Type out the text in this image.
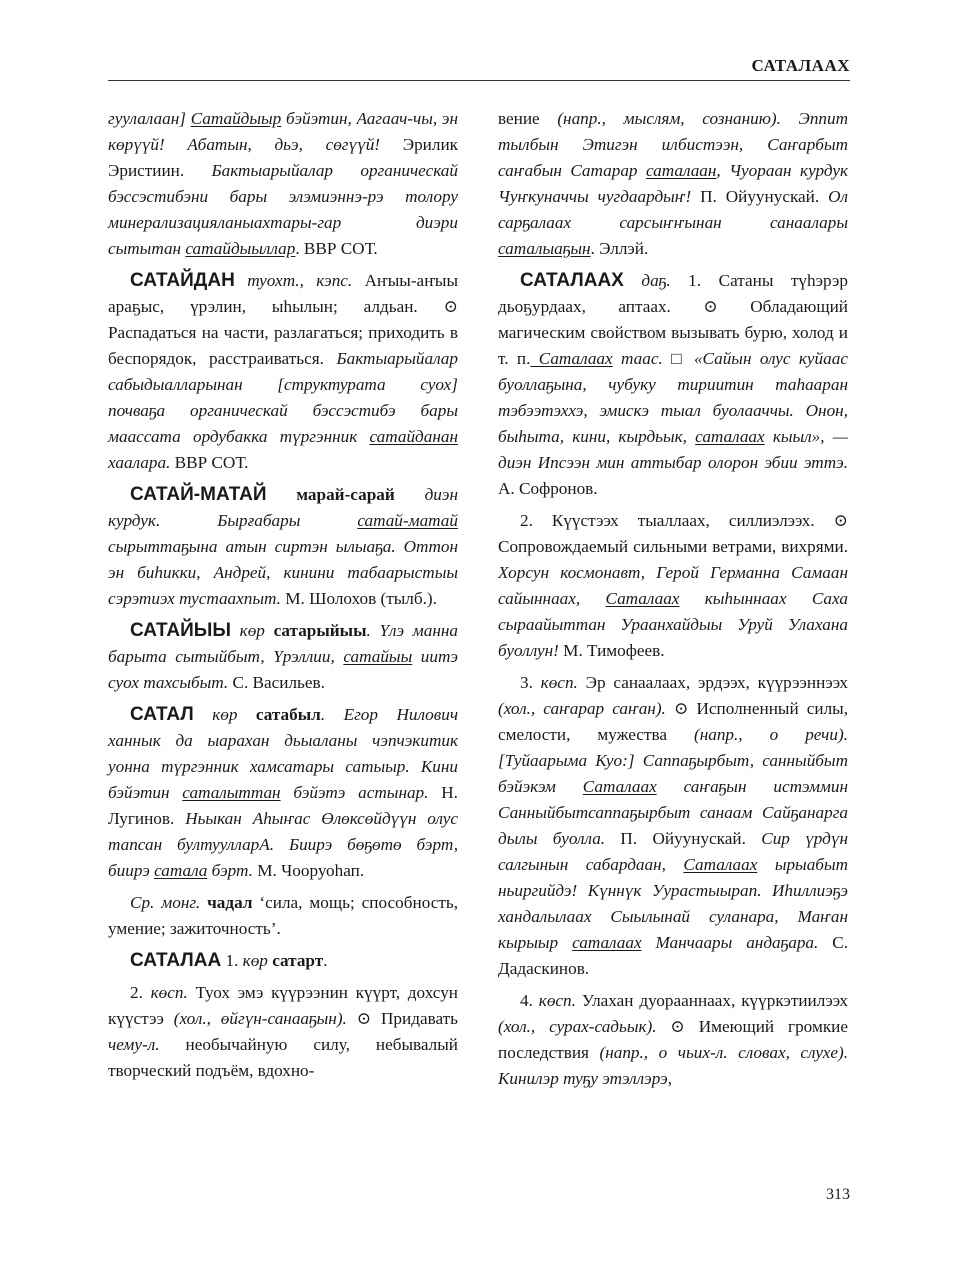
САТАЛААХ

гуулалаан] Сатайдыыр бэйэтин, Аагаач-чы, эн көрүүй! Абатын, дьэ, сөгүүй! Эрилик Эристиин. Бактыарыйалар органическай бэссэстибэни бары элэмиэннэ-рэ толору минерализацияланыахтары-гар диэри сытытан сатайдыыллар. ВВР СОТ.

САТАЙДАН туохт., кэпс. Аҥыы-аҥыы араҕыс, үрэлин, ыһылын; алдьан. ⊙ Распадаться на части, разлагаться; приходить в беспорядок, расстраиваться. Бактыарыйалар сабыдыалларынан [структурата суох] почваҕа органическай бэссэстибэ бары маассата ордубакка түргэнник сатайданан хаалара. ВВР СОТ.

САТАЙ-МАТАЙ марай-сарай диэн курдук. Бырғабары сатай-матай сырыттаҕына атын сиртэн ылыаҕа. Оттон эн биһикки, Андрей, кинини табаарыстыы сэрэтиэх тустаахпыт. М. Шолохов (тылб.).

САТАЙЫЫ көр сатарыйыы. Үлэ манна барыта сытыйбыт, Үрэллии, сатайыы иитэ суох тахсыбыт. С. Васильев.

САТАЛ көр сатабыл. Егор Нилович ханнык да ыарахан дьыаланы чэпчэкитик уонна түргэнник хамсатары сатыыр. Кини бэйэтин саталыттан бэйэтэ астынар. Н. Лугинов. Ньыкан Аһыҥас Өлөксөйдүүн олус тапсан бултуулларА. Биирэ бөҕөтө бэрт, биирэ сатала бэрт. М. Чооруоһап.

Ср. монг. чадал ‘сила, мощь; способность, умение; зажиточность’.

САТАЛАА 1. көр сатарт.

2. көсп. Туох эмэ күүрээнин күүрт, дохсун күүстээ (хол., өйгүн-санааҕын). ⊙ Придавать чему-л. необычайную силу, небывалый творческий подъём, вдохно-

вение (напр., мыслям, сознанию). Эппит тылбын Этигэн илбистээн, Саҥарбыт саҥабын Сатарар саталаан, Чуораан курдук Чуҥкуначчы чугдаардыҥ! П. Ойуунускай. Ол сарҕалаах сарсыҥҥынан санаалары саталыаҕын. Эллэй.

САТАЛААХ даҕ. 1. Сатаны түһэрэр дьоҕурдаах, аптаах. ⊙ Обладающий магическим свойством вызывать бурю, холод и т. п. Саталаах таас. □ «Сайын олус куйаас буоллаҕына, чубуку тириитин таһааран тэбээтэххэ, эмискэ тыал буолааччы. Онон, быһыта, кини, кырдьык, саталаах кыыл», — диэн Ипсээн мин аттыбар олорон эбии эттэ. А. Софронов.

2. Күүстээх тыаллаах, силлиэлээх. ⊙ Сопровождаемый сильными ветрами, вихрями. Хорсун космонавт, Герой Германна Самаан сайыннаах, Саталаах кыһыннаах Саха сыраайыттан Ураанхайдыы Уруй Улахана буоллун! М. Тимофеев.

3. көсп. Эр санаалаах, эрдээх, күүрээннээх (хол., саҥарар саҥан). ⊙ Исполненный силы, смелости, мужества (напр., о речи). [Туйаарыма Куо:] Саппаҕырбыт, санныйбыт бэйэкэм Саталаах саҥаҕын истэммин Санныйбытсаппаҕырбыт санаам Сайҕанарга дылы буолла. П. Ойуунускай. Сир үрдүн салгынын сабардаан, Саталаах ырыабыт ньиргийдэ! Күннүк Уурастыырап. Иһиллиэҕэ хандалылаах Сыылынай суланара, Маҥан кырыыр саталаах Манчаары андаҕара. С. Дадаскинов.

4. көсп. Улахан дуорааннаах, күүркэтиилээх (хол., сурах-садьык). ⊙ Имеющий громкие последствия (напр., о чьих-л. словах, слухе). Кинилэр туҕу этэллэрэ,

313
